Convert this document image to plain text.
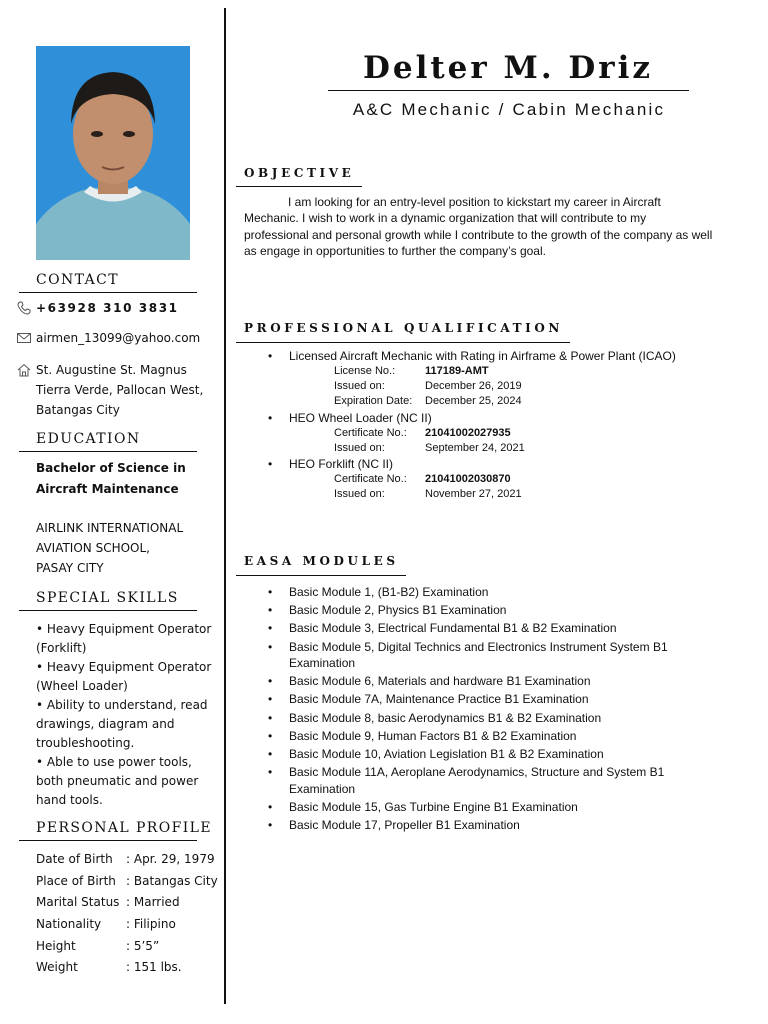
CONTACT
+63928 310 3831
airmen_13099@yahoo.com
St. Augustine St. Magnus
Tierra Verde, Pallocan West,
Batangas City
EDUCATION
Bachelor of Science in
Aircraft Maintenance
AIRLINK INTERNATIONAL
AVIATION SCHOOL,
PASAY CITY
SPECIAL SKILLS
• Heavy Equipment Operator (Forklift)
• Heavy Equipment Operator (Wheel Loader)
• Ability to understand, read drawings, diagram and troubleshooting.
• Able to use power tools, both pneumatic and power hand tools.
PERSONAL PROFILE
Date of Birth	: Apr. 29, 1979
Place of Birth : Batangas City
Marital Status : Married
Nationality	: Filipino
Height	: 5’5”
Weight	: 151 lbs.
Delter M. Driz
A&C Mechanic / Cabin Mechanic
OBJECTIVE
I am looking for an entry-level position to kickstart my career in Aircraft Mechanic. I wish to work in a dynamic organization that will contribute to my professional and personal growth while I contribute to the growth of the company as well as engage in opportunities to further the company’s goal.
PROFESSIONAL QUALIFICATION
•	Licensed Aircraft Mechanic with Rating in Airframe & Power Plant (ICAO)
License No.:	117189-AMT
Issued on:	December 26, 2019
Expiration Date:	December 25, 2024
•	HEO Wheel Loader (NC II)
Certificate No.:	21041002027935
Issued on:	September 24, 2021
•	HEO Forklift (NC II)
Certificate No.:	21041002030870
Issued on:	November 27, 2021
EASA MODULES
•	Basic Module 1, (B1-B2) Examination
•	Basic Module 2, Physics B1 Examination
•	Basic Module 3, Electrical Fundamental B1 & B2 Examination
•	Basic Module 5, Digital Technics and Electronics Instrument System B1 Examination
•	Basic Module 6, Materials and hardware B1 Examination
•	Basic Module 7A, Maintenance Practice B1 Examination
•	Basic Module 8, basic Aerodynamics B1 & B2 Examination
•	Basic Module 9, Human Factors B1 & B2 Examination
•	Basic Module 10, Aviation Legislation B1 & B2 Examination
•	Basic Module 11A, Aeroplane Aerodynamics, Structure and System B1 Examination
•	Basic Module 15, Gas Turbine Engine B1 Examination
•	Basic Module 17, Propeller B1 Examination
